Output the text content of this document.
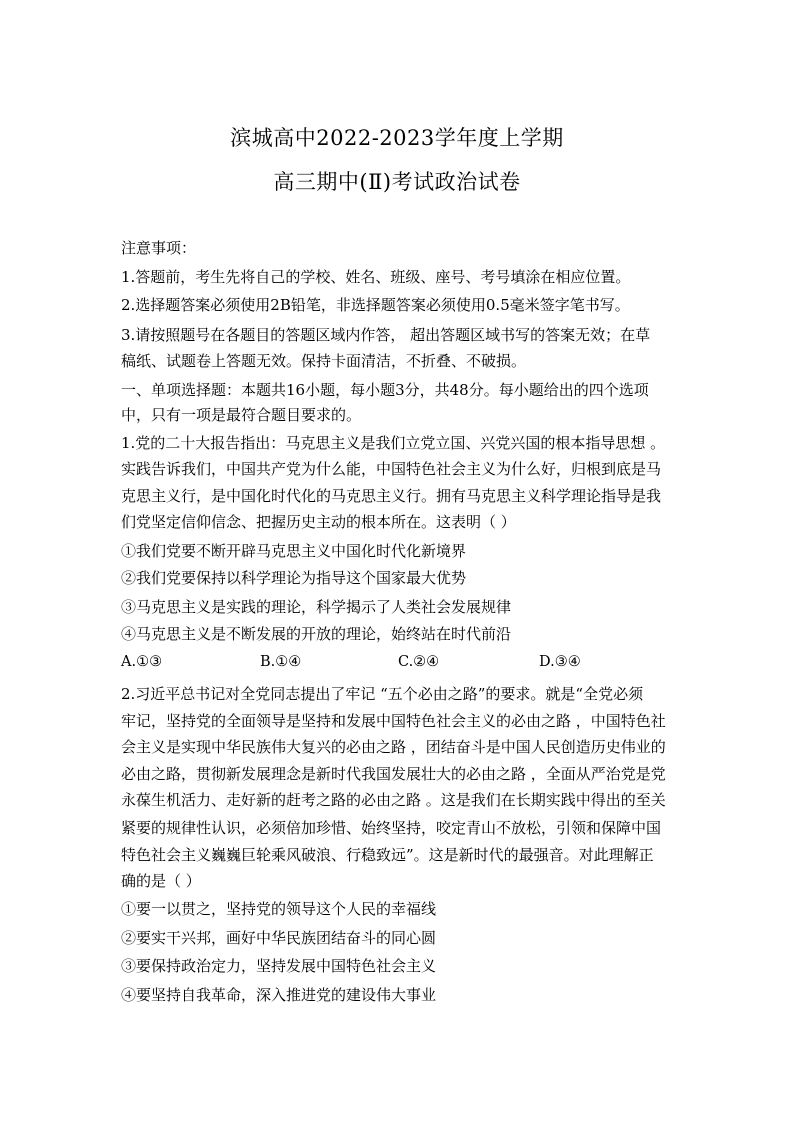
滨城高中2022-2023学年度上学期
高三期中(Ⅱ)考试政治试卷
注意事项：
1.答题前，考生先将自己的学校、姓名、班级、座号、考号填涂在相应位置。
2.选择题答案必须使用2B铅笔，非选择题答案必须使用0.5毫米签字笔书写。
3.请按照题号在各题目的答题区域内作答， 超出答题区域书写的答案无效；在草
稿纸、试题卷上答题无效。保持卡面清洁，不折叠、不破损。
一、单项选择题：本题共16小题，每小题3分，共48分。每小题给出的四个选项
中，只有一项是最符合题目要求的。
1.党的二十大报告指出：马克思主义是我们立党立国、兴党兴国的根本指导思想 。
实践告诉我们，中国共产党为什么能，中国特色社会主义为什么好，归根到底是马
克思主义行，是中国化时代化的马克思主义行。拥有马克思主义科学理论指导是我
们党坚定信仰信念、把握历史主动的根本所在。这表明（ ）
①我们党要不断开辟马克思主义中国化时代化新境界
②我们党要保持以科学理论为指导这个国家最大优势
③马克思主义是实践的理论，科学揭示了人类社会发展规律
④马克思主义是不断发展的开放的理论，始终站在时代前沿
A.①③	B.①④	C.②④	D.③④
2.习近平总书记对全党同志提出了牢记 “五个必由之路”的要求。就是“全党必须
牢记，坚持党的全面领导是坚持和发展中国特色社会主义的必由之路 ，中国特色社
会主义是实现中华民族伟大复兴的必由之路 ，团结奋斗是中国人民创造历史伟业的
必由之路，贯彻新发展理念是新时代我国发展壮大的必由之路 ，全面从严治党是党
永葆生机活力、走好新的赶考之路的必由之路 。这是我们在长期实践中得出的至关
紧要的规律性认识，必须倍加珍惜、始终坚持，咬定青山不放松，引领和保障中国
特色社会主义巍巍巨轮乘风破浪、行稳致远”。这是新时代的最强音。对此理解正
确的是（ ）
①要一以贯之，坚持党的领导这个人民的幸福线
②要实干兴邦，画好中华民族团结奋斗的同心圆
③要保持政治定力，坚持发展中国特色社会主义
④要坚持自我革命，深入推进党的建设伟大事业
